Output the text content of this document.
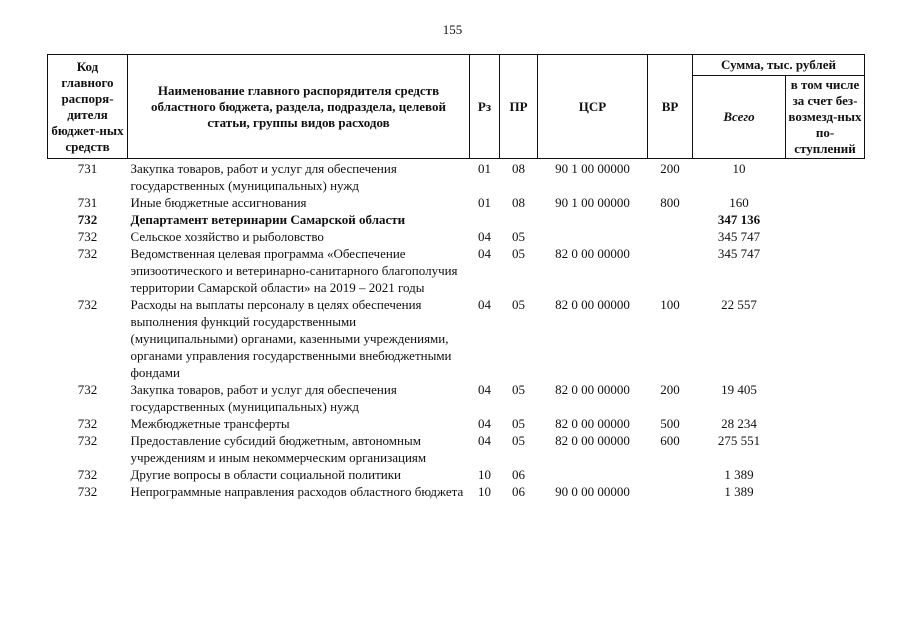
155
Код главного распоря-дителя бюджет-ных средств	Наименование главного распорядителя средств областного бюджета, раздела, подраздела, целевой статьи, группы видов расходов	Рз	ПР	ЦСР	ВР	Сумма, тыс. рублей	
						Всего	в том числе за счет без-возмезд-ных по-ступлений
731	Закупка товаров, работ и услуг для обеспечения государственных (муниципальных) нужд	01	08	90 1 00 00000	200	10	
731	Иные бюджетные ассигнования	01	08	90 1 00 00000	800	160	
732	Департамент ветеринарии Самарской области					347 136	
732	Сельское хозяйство и рыболовство	04	05			345 747	
732	Ведомственная целевая программа «Обеспечение эпизоотического и ветеринарно-санитарного благополучия территории Самарской области» на 2019 – 2021 годы	04	05	82 0 00 00000		345 747	
732	Расходы на выплаты персоналу в целях обеспечения выполнения функций государственными (муниципальными) органами, казенными учреждениями, органами управления государственными внебюджетными фондами	04	05	82 0 00 00000	100	22 557	
732	Закупка товаров, работ и услуг для обеспечения государственных (муниципальных) нужд	04	05	82 0 00 00000	200	19 405	
732	Межбюджетные трансферты	04	05	82 0 00 00000	500	28 234	
732	Предоставление субсидий бюджетным, автономным учреждениям и иным некоммерческим организациям	04	05	82 0 00 00000	600	275 551	
732	Другие вопросы в области социальной политики	10	06			1 389	
732	Непрограммные направления расходов областного бюджета	10	06	90 0 00 00000		1 389	
